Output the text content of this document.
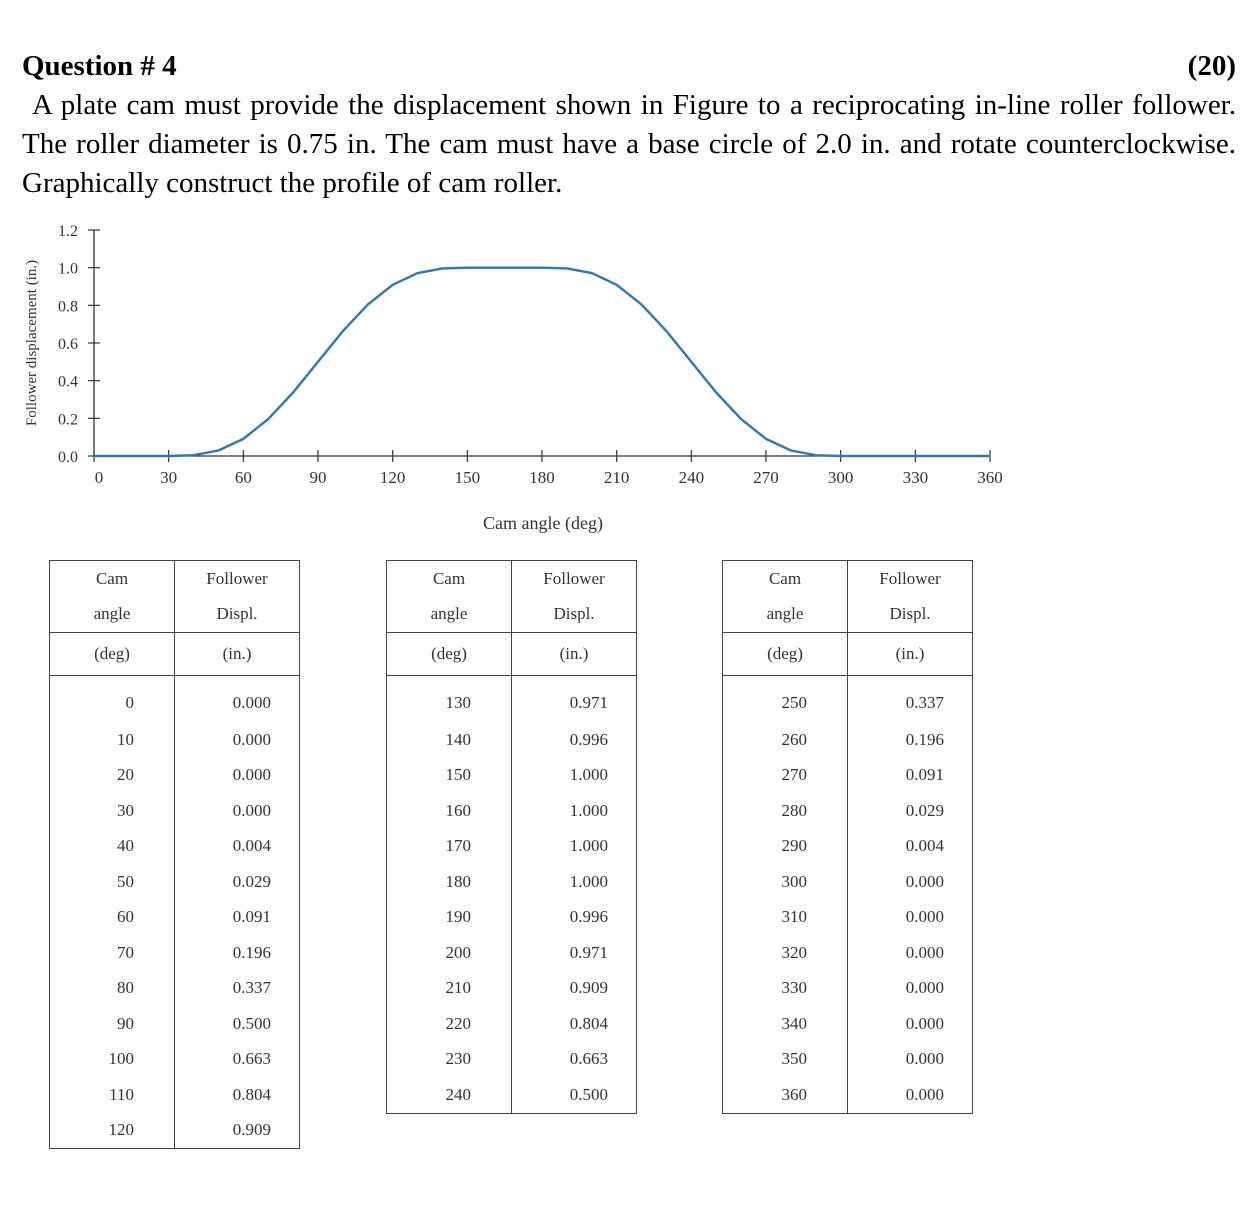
Question # 4	(20)
A plate cam must provide the displacement shown in Figure to a reciprocating in-line roller follower. The roller diameter is 0.75 in. The cam must have a base circle of 2.0 in. and rotate counterclockwise. Graphically construct the profile of cam roller.
0	30	60	90	120	150	180	210	240	270	300	330	360
0.0
0.2
0.4
0.6
0.8
1.0
1.2
Cam angle (deg)
Follower displacement (in.)
Cam	Follower
angle	Displ.
(deg)	(in.)
0	0.000
10	0.000
20	0.000
30	0.000
40	0.004
50	0.029
60	0.091
70	0.196
80	0.337
90	0.500
100	0.663
110	0.804
120	0.909
Cam	Follower
angle	Displ.
(deg)	(in.)
130	0.971
140	0.996
150	1.000
160	1.000
170	1.000
180	1.000
190	0.996
200	0.971
210	0.909
220	0.804
230	0.663
240	0.500
Cam	Follower
angle	Displ.
(deg)	(in.)
250	0.337
260	0.196
270	0.091
280	0.029
290	0.004
300	0.000
310	0.000
320	0.000
330	0.000
340	0.000
350	0.000
360	0.000
